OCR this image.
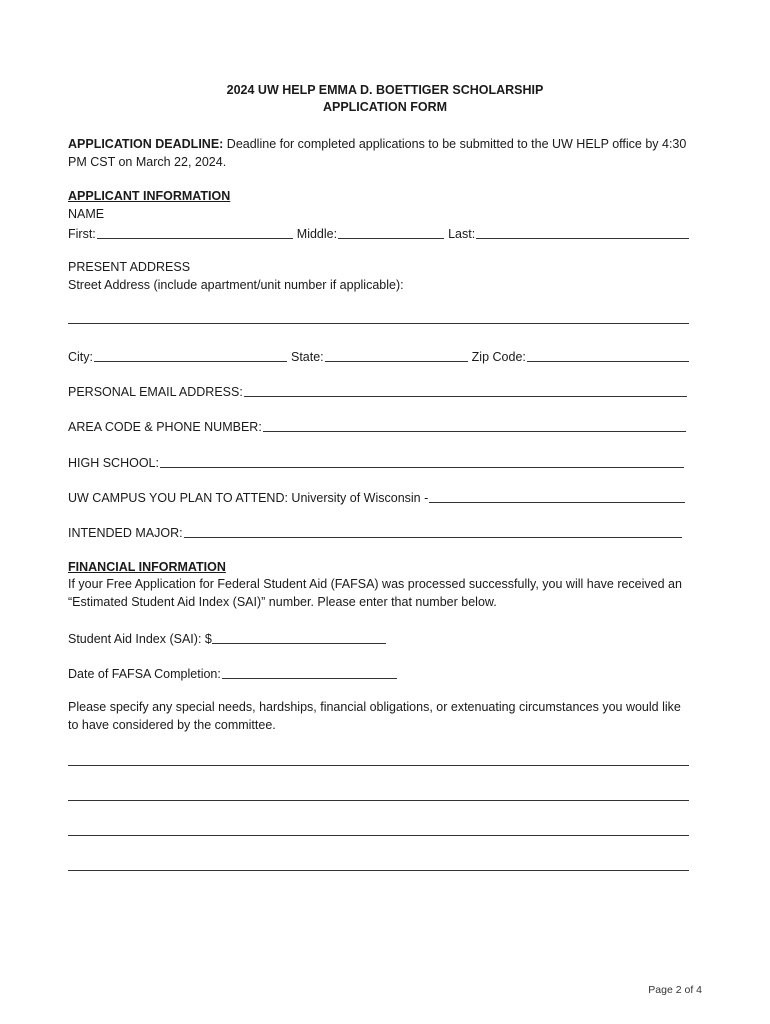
2024 UW HELP EMMA D. BOETTIGER SCHOLARSHIP
APPLICATION FORM
APPLICATION DEADLINE: Deadline for completed applications to be submitted to the UW HELP office by 4:30 PM CST on March 22, 2024.
APPLICANT INFORMATION
NAME
First:	Middle:	Last:
PRESENT ADDRESS
Street Address (include apartment/unit number if applicable):
City:	State:	Zip Code:
PERSONAL EMAIL ADDRESS:
AREA CODE & PHONE NUMBER:
HIGH SCHOOL:
UW CAMPUS YOU PLAN TO ATTEND: University of Wisconsin -
INTENDED MAJOR:
FINANCIAL INFORMATION
If your Free Application for Federal Student Aid (FAFSA) was processed successfully, you will have received an “Estimated Student Aid Index (SAI)” number. Please enter that number below.
Student Aid Index (SAI): $
Date of FAFSA Completion:
Please specify any special needs, hardships, financial obligations, or extenuating circumstances you would like to have considered by the committee.
Page 2 of 4
